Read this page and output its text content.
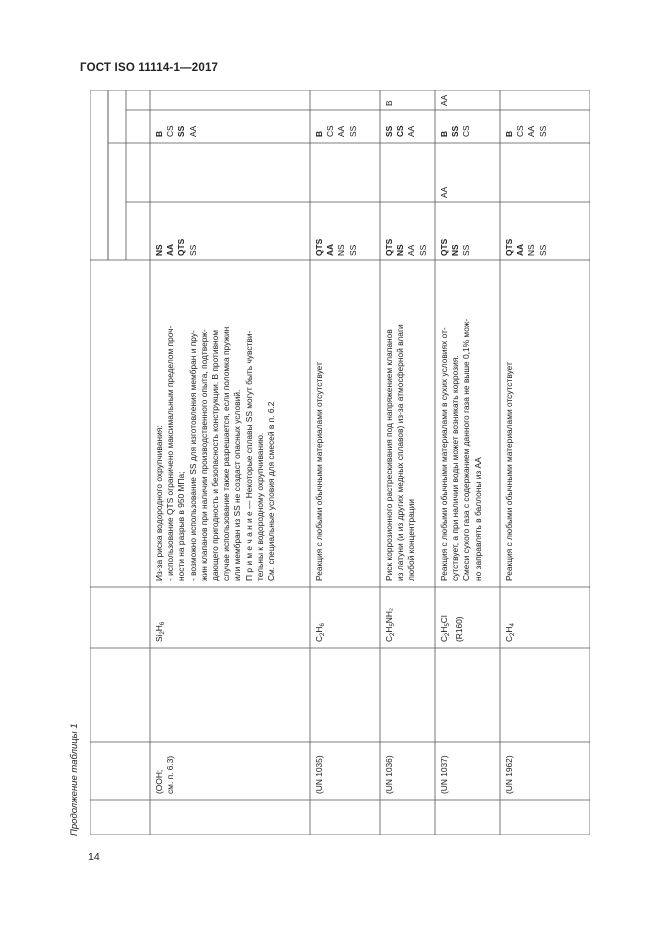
ГОСТ ISO 11114-1—2017
(ООН;
см. п. 6.3)

$Si_2H_6$
Из-за риска водородного охрупчивания:
- использование QTS ограничено максимальным пределом проч-
ности на разрыв в 950 МПа;
- возможно использование SS для изготовления мембран и пру-
жин клапанов при наличии производственного опыта, подтверж-
дающего пригодность и безопасность конструкции. В противном
случае использование также разрешается, если поломка пружин
или мембран из SS не создаст опасных условий.
П р и м е ч а н и е — Некоторые сплавы SS могут быть чувстви-
тельны к водородному охрупчиванию.
См. специальные условия для смесей в п. 6.2

NS
AA
QTS
SS

B
CS
SS
AA

(UN 1035)

$C_2H_6$
Реакция с любыми обычными материалами отсутствует

QTS
AA
NS
SS

B
CS
AA
SS

(UN 1036)

$C_2H_5NH_2$
Риск коррозионного растрескивания под напряжением клапанов
из латуни (и из других медных сплавов) из-за атмосферной влаги
любой концентрации

QTS
NS
AA
SS

SS
CS
AA

B

(UN 1037)

$C_2H_5Cl$ (R160)
Реакция с любыми обычными материалами в сухих условиях от-
сутствует, а при наличии воды может возникать коррозия.
Смеси сухого газа с содержанием данного газа не выше 0,1% мож-
но заправлять в баллоны из AA

QTS
NS
SS

AA

B
SS
CS

AA

(UN 1962)

$C_2H_4$
Реакция с любыми обычными материалами отсутствует

QTS
AA
NS
SS

B
CS
AA
SS

Продолжение таблицы 1
14
